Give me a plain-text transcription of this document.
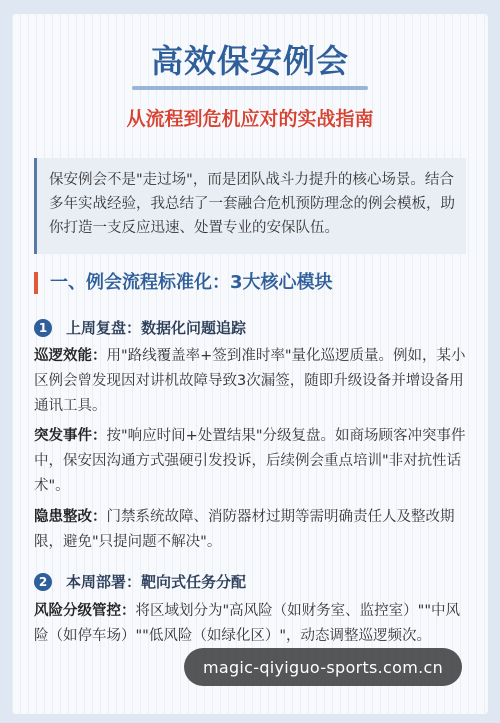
高效保安例会
从流程到危机应对的实战指南
保安例会不是"走过场"，而是团队战斗力提升的核心场景。结合多年实战经验，我总结了一套融合危机预防理念的例会模板，助你打造一支反应迅速、处置专业的安保队伍。
一、例会流程标准化：3大核心模块
1	上周复盘：数据化问题追踪
巡逻效能：用"路线覆盖率+签到准时率"量化巡逻质量。例如，某小区例会曾发现因对讲机故障导致3次漏签，随即升级设备并增设备用通讯工具。
突发事件：按"响应时间+处置结果"分级复盘。如商场顾客冲突事件中，保安因沟通方式强硬引发投诉，后续例会重点培训"非对抗性话术"。
隐患整改：门禁系统故障、消防器材过期等需明确责任人及整改期限，避免"只提问题不解决"。
2	本周部署：靶向式任务分配
风险分级管控：将区域划分为"高风险（如财务室、监控室）""中风险（如停车场）""低风险（如绿化区）"，动态调整巡逻频次。
magic-qiyiguo-sports.com.cn
